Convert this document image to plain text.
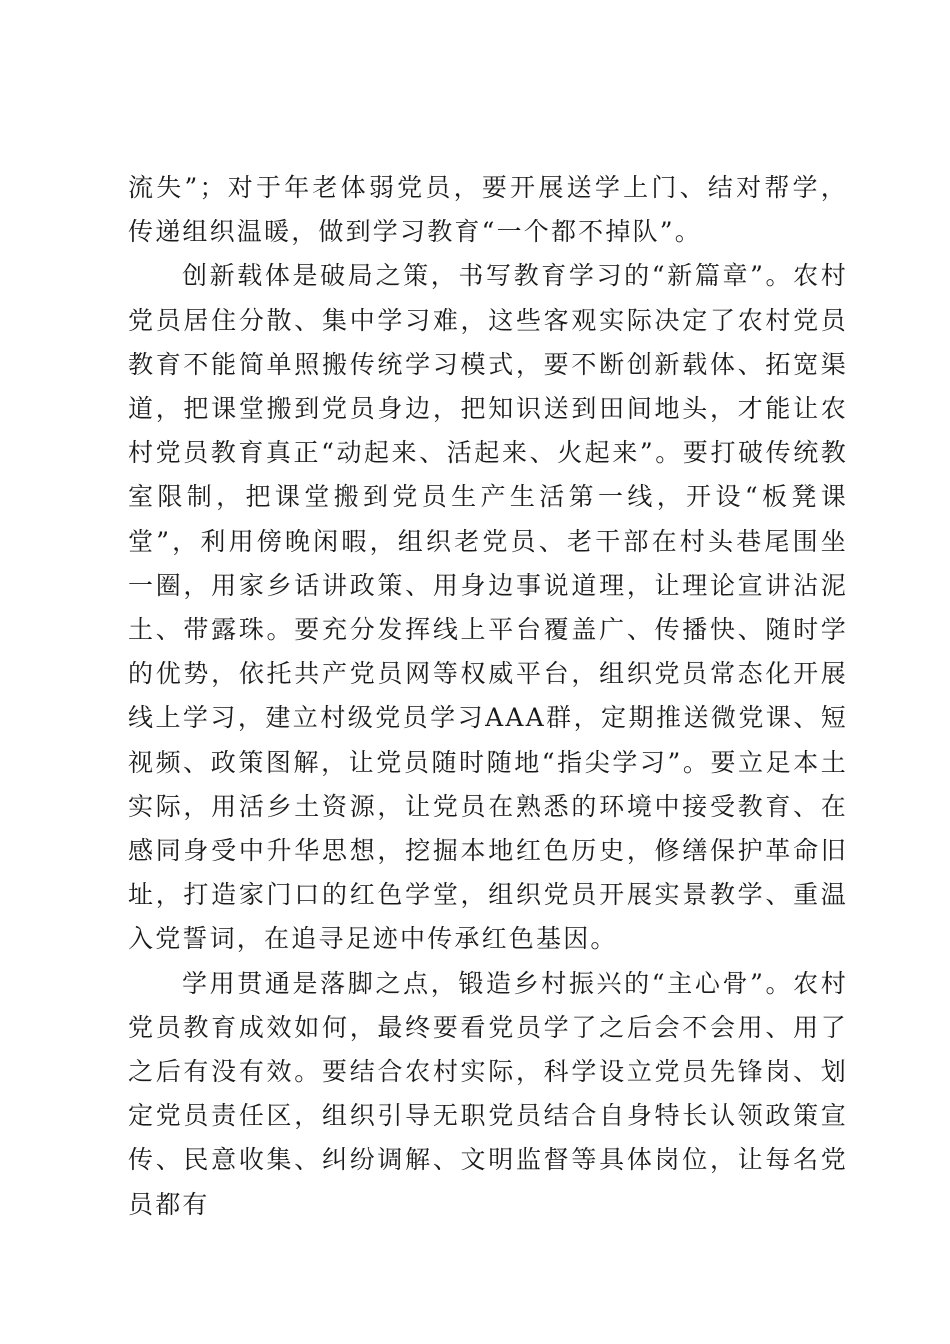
流失”；对于年老体弱党员，要开展送学上门、结对帮学，传递组织温暖，做到学习教育“一个都不掉队”。

创新载体是破局之策，书写教育学习的“新篇章”。农村党员居住分散、集中学习难，这些客观实际决定了农村党员教育不能简单照搬传统学习模式，要不断创新载体、拓宽渠道，把课堂搬到党员身边，把知识送到田间地头，才能让农村党员教育真正“动起来、活起来、火起来”。要打破传统教室限制，把课堂搬到党员生产生活第一线，开设“板凳课堂”，利用傍晚闲暇，组织老党员、老干部在村头巷尾围坐一圈，用家乡话讲政策、用身边事说道理，让理论宣讲沾泥土、带露珠。要充分发挥线上平台覆盖广、传播快、随时学的优势，依托共产党员网等权威平台，组织党员常态化开展线上学习，建立村级党员学习AAA群，定期推送微党课、短视频、政策图解，让党员随时随地“指尖学习”。要立足本土实际，用活乡土资源，让党员在熟悉的环境中接受教育、在感同身受中升华思想，挖掘本地红色历史，修缮保护革命旧址，打造家门口的红色学堂，组织党员开展实景教学、重温入党誓词，在追寻足迹中传承红色基因。

学用贯通是落脚之点，锻造乡村振兴的“主心骨”。农村党员教育成效如何，最终要看党员学了之后会不会用、用了之后有没有效。要结合农村实际，科学设立党员先锋岗、划定党员责任区，组织引导无职党员结合自身特长认领政策宣传、民意收集、纠纷调解、文明监督等具体岗位，让每名党员都有
